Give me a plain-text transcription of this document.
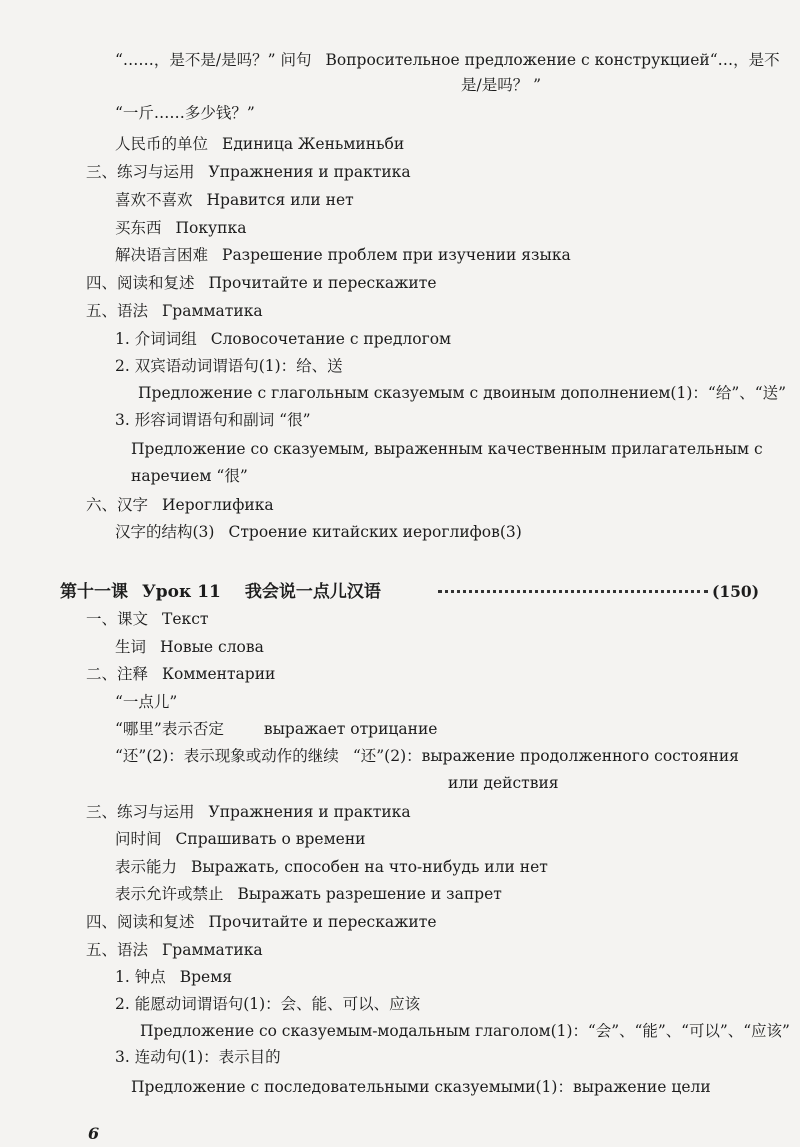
“……，是不是/是吗？” 问句 Вопросительное предложение с конструкцией“…，是不
是/是吗？ ”
“一斤……多少钱？”
人民币的单位 Единица Женьминьби
三、练习与运用 Упражнения и практика
喜欢不喜欢 Нравится или нет
买东西 Покупка
解决语言困难 Разрешение проблем при изучении языка
四、阅读和复述 Прочитайте и перескажите
五、语法 Грамматика
1. 介词词组 Словосочетание с предлогом
2. 双宾语动词谓语句(1)：给、送
Предложение с глагольным сказуемым с двоиным дополнением(1)：“给”、“送”
3. 形容词谓语句和副词 “很”
Предложение со сказуемым, выраженным качественным прилагательным с
наречием “很”
六、汉字 Иероглифика
汉字的结构(3) Строение китайских иероглифов(3)
第十一课 Урок 11 我会说一点儿汉语	(150)
一、课文 Текст
生词 Новые слова
二、注释 Комментарии
“一点儿”
“哪里”表示否定	выражает отрицание
“还”(2)：表示现象或动作的继续 “还”(2)：выражение продолженного состояния
или действия
三、练习与运用 Упражнения и практика
问时间 Спрашивать о времени
表示能力 Выражать, способен на что-нибудь или нет
表示允许或禁止 Выражать разрешение и запрет
四、阅读和复述 Прочитайте и перескажите
五、语法 Грамматика
1. 钟点 Время
2. 能愿动词谓语句(1)：会、能、可以、应该
Предложение со сказуемым-модальным глаголом(1)：“会”、“能”、“可以”、“应该”
3. 连动句(1)：表示目的
Предложение с последовательными сказуемыми(1)：выражение цели
6
